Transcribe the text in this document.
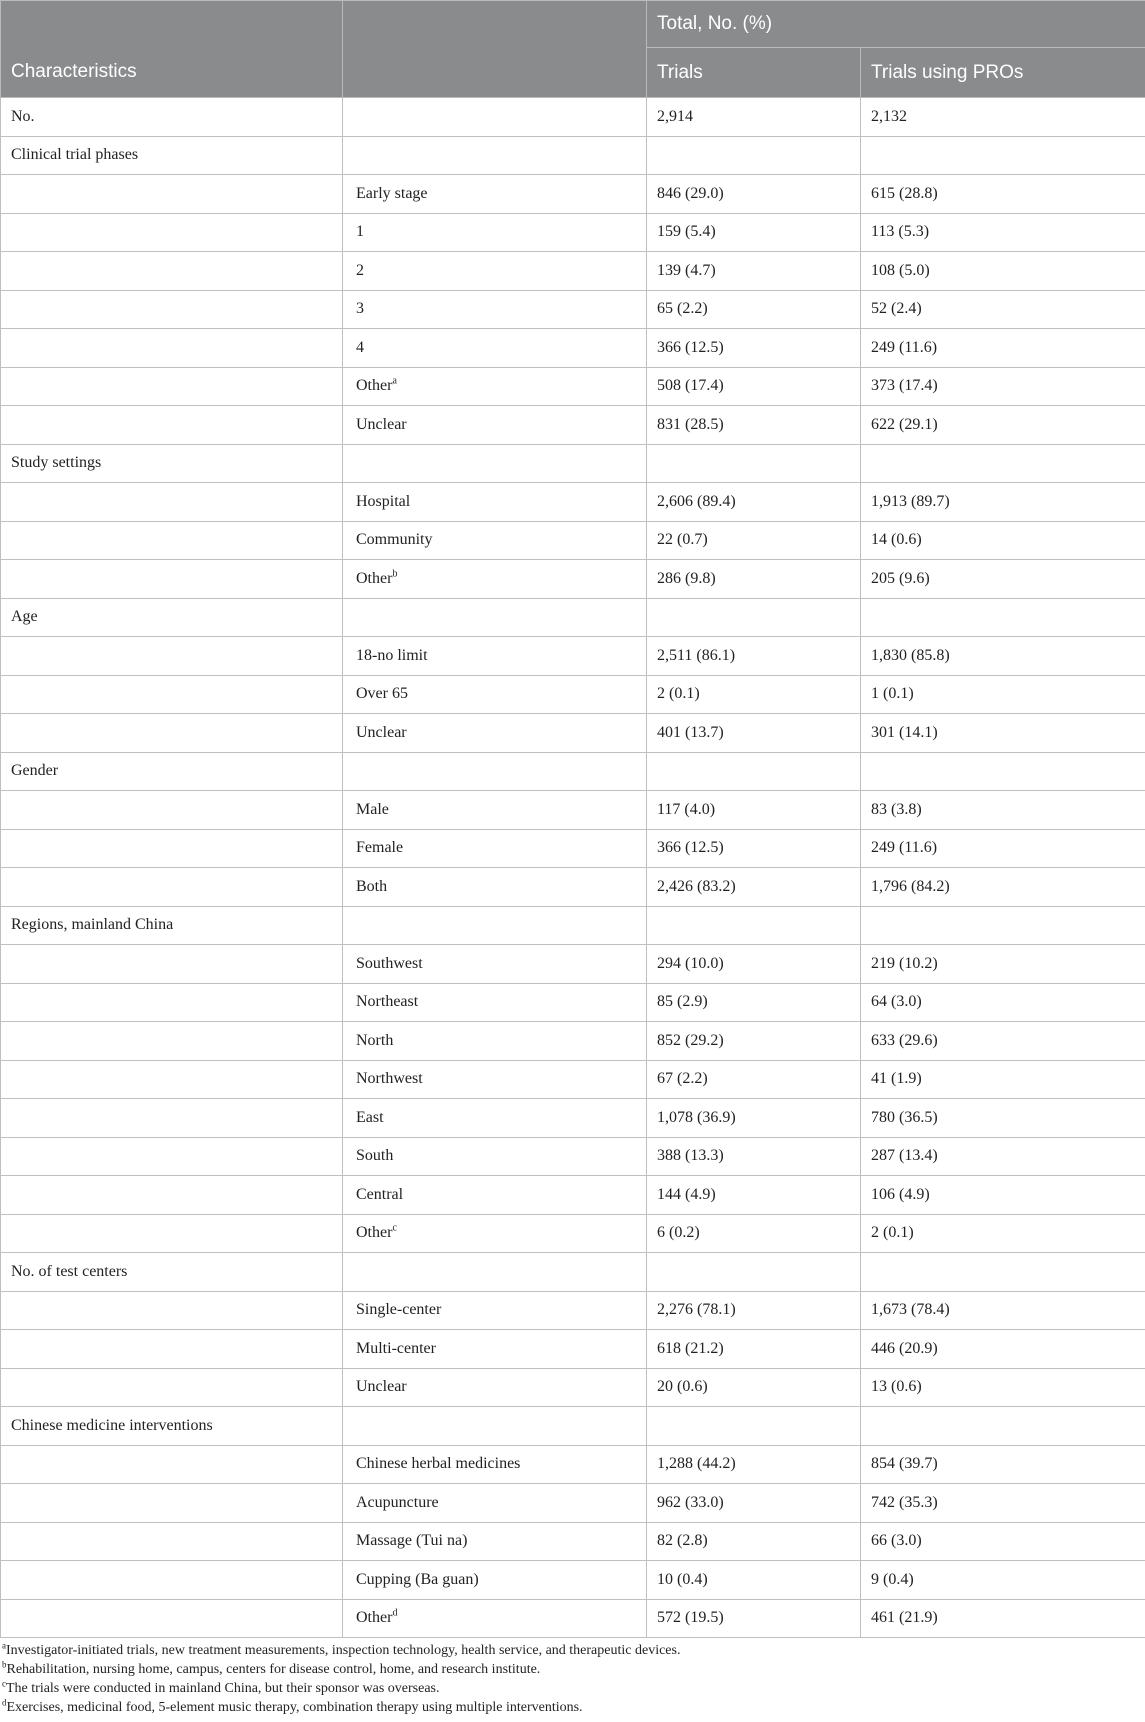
		Total, No. (%)	
Characteristics		Trials	Trials using PROs
No.		2,914	2,132
Clinical trial phases			
	Early stage	846 (29.0)	615 (28.8)
	1	159 (5.4)	113 (5.3)
	2	139 (4.7)	108 (5.0)
	3	65 (2.2)	52 (2.4)
	4	366 (12.5)	249 (11.6)
	Other$^a$	508 (17.4)	373 (17.4)
	Unclear	831 (28.5)	622 (29.1)
Study settings			
	Hospital	2,606 (89.4)	1,913 (89.7)
	Community	22 (0.7)	14 (0.6)
	Other$^b$	286 (9.8)	205 (9.6)
Age			
	18-no limit	2,511 (86.1)	1,830 (85.8)
	Over 65	2 (0.1)	1 (0.1)
	Unclear	401 (13.7)	301 (14.1)
Gender			
	Male	117 (4.0)	83 (3.8)
	Female	366 (12.5)	249 (11.6)
	Both	2,426 (83.2)	1,796 (84.2)
Regions, mainland China			
	Southwest	294 (10.0)	219 (10.2)
	Northeast	85 (2.9)	64 (3.0)
	North	852 (29.2)	633 (29.6)
	Northwest	67 (2.2)	41 (1.9)
	East	1,078 (36.9)	780 (36.5)
	South	388 (13.3)	287 (13.4)
	Central	144 (4.9)	106 (4.9)
	Other$^c$	6 (0.2)	2 (0.1)
No. of test centers			
	Single-center	2,276 (78.1)	1,673 (78.4)
	Multi-center	618 (21.2)	446 (20.9)
	Unclear	20 (0.6)	13 (0.6)
Chinese medicine interventions			
	Chinese herbal medicines	1,288 (44.2)	854 (39.7)
	Acupuncture	962 (33.0)	742 (35.3)
	Massage (Tui na)	82 (2.8)	66 (3.0)
	Cupping (Ba guan)	10 (0.4)	9 (0.4)
	Other$^d$	572 (19.5)	461 (21.9)
$^a$Investigator-initiated trials, new treatment measurements, inspection technology, health service, and therapeutic devices.
$^b$Rehabilitation, nursing home, campus, centers for disease control, home, and research institute.
$^c$The trials were conducted in mainland China, but their sponsor was overseas.
$^d$Exercises, medicinal food, 5-element music therapy, combination therapy using multiple interventions.
